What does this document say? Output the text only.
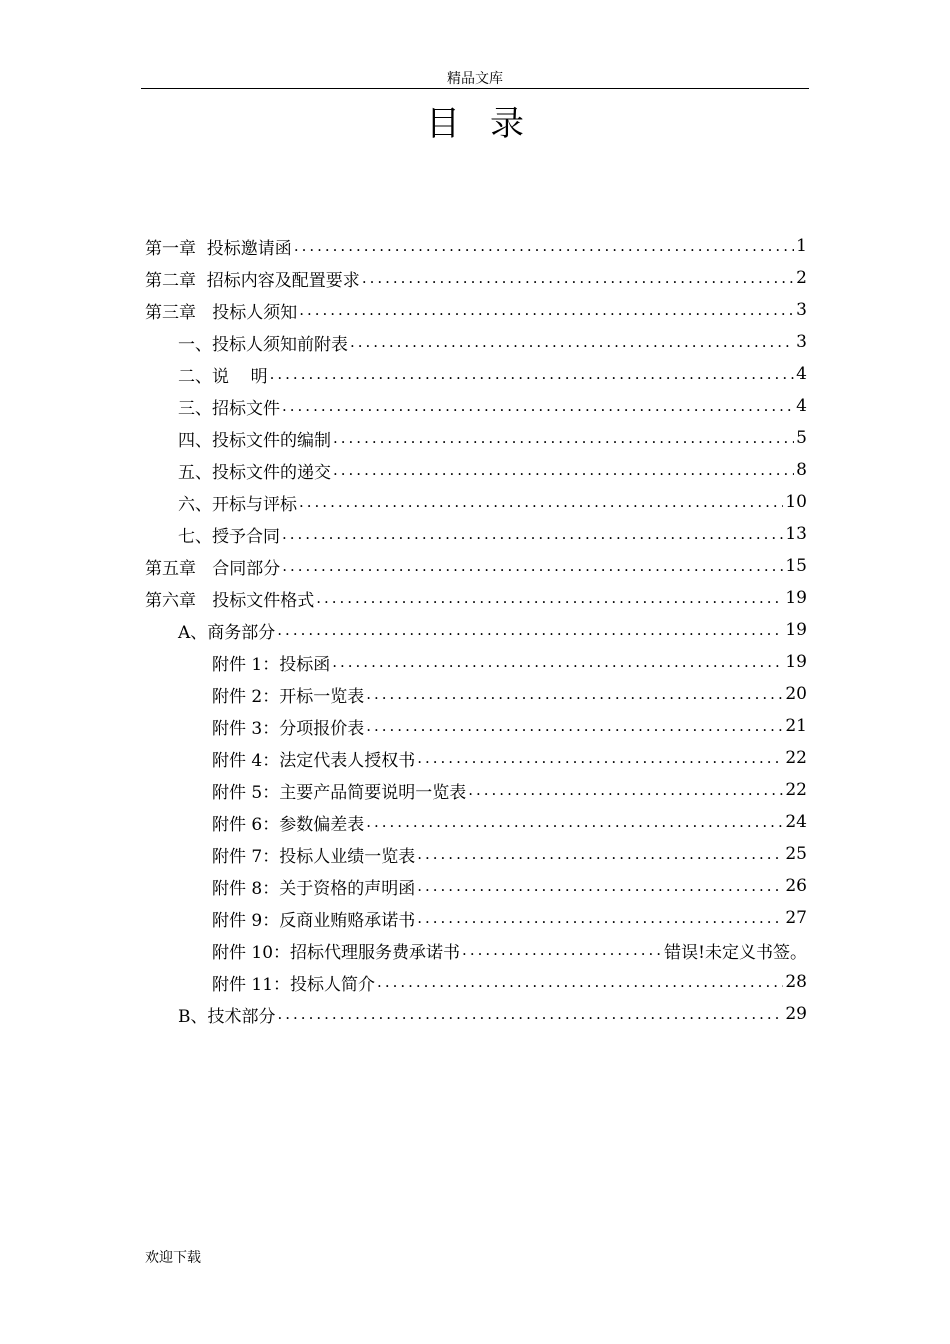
精品文库
目录
第一章  投标邀请函 .....	1
第二章  招标内容及配置要求 .....	2
第三章   投标人须知 .....	3
一、投标人须知前附表 .....	3
二、说    明 .....	4
三、招标文件 .....	4
四、投标文件的编制 .....	5
五、投标文件的递交 .....	8
六、开标与评标 .....	10
七、授予合同 .....	13
第五章   合同部分 .....	15
第六章   投标文件格式 .....	19
A、商务部分 .....	19
附件 1：投标函 .....	19
附件 2：开标一览表 .....	20
附件 3：分项报价表 .....	21
附件 4：法定代表人授权书 .....	22
附件 5：主要产品简要说明一览表 .....	22
附件 6：参数偏差表 .....	24
附件 7：投标人业绩一览表 .....	25
附件 8：关于资格的声明函 .....	26
附件 9：反商业贿赂承诺书 .....	27
附件 10：招标代理服务费承诺书 .....	错误!未定义书签。
附件 11：投标人简介 .....	28
B、技术部分 .....	29
欢迎下载
